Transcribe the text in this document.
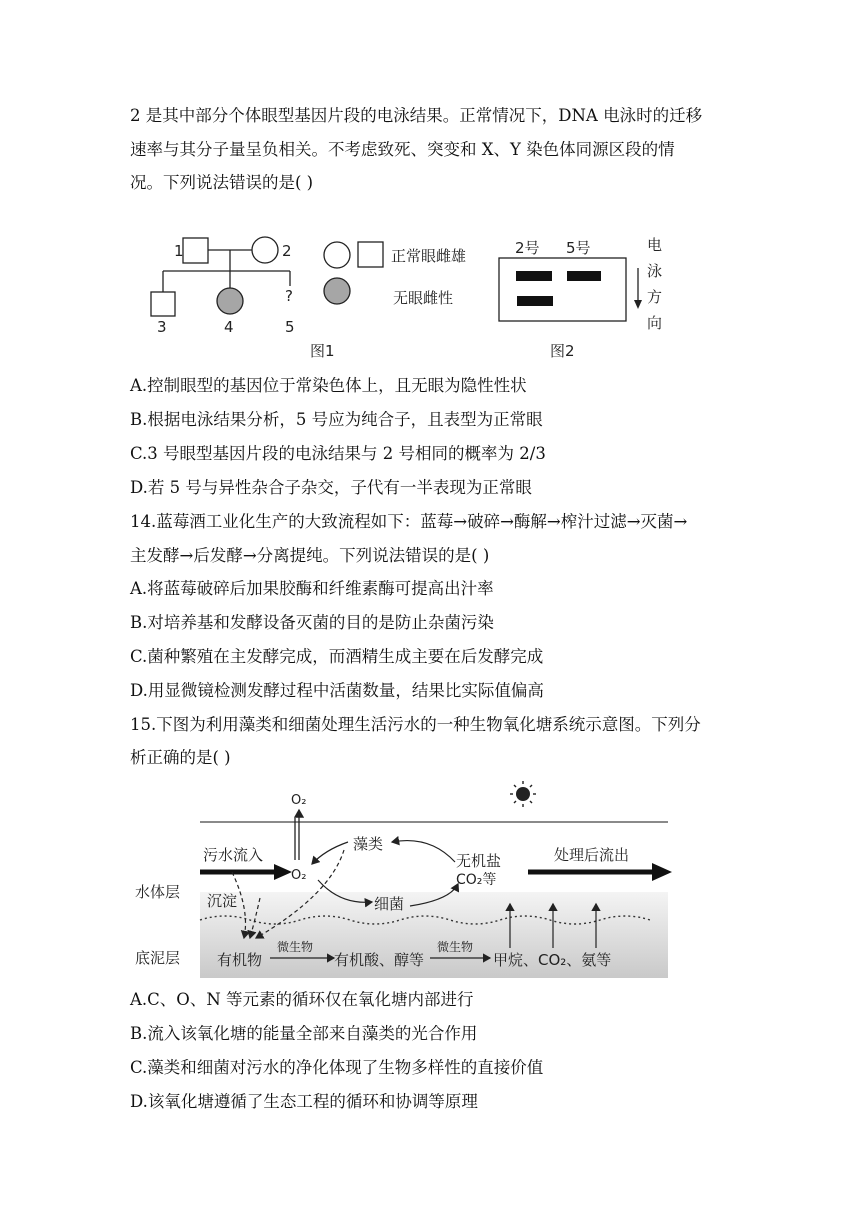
2 是其中部分个体眼型基因片段的电泳结果。正常情况下，DNA 电泳时的迁移
速率与其分子量呈负相关。不考虑致死、突变和 X、Y 染色体同源区段的情
况。下列说法错误的是( )
1	2
3	4
?
5
图1
正常眼雌雄
无眼雌性
2号 5号
图2
电
泳
方
向
A.控制眼型的基因位于常染色体上，且无眼为隐性性状
B.根据电泳结果分析，5 号应为纯合子，且表型为正常眼
C.3 号眼型基因片段的电泳结果与 2 号相同的概率为 2/3
D.若 5 号与异性杂合子杂交，子代有一半表现为正常眼
14.蓝莓酒工业化生产的大致流程如下：蓝莓→破碎→酶解→榨汁过滤→灭菌→
主发酵→后发酵→分离提纯。下列说法错误的是( )
A.将蓝莓破碎后加果胶酶和纤维素酶可提高出汁率
B.对培养基和发酵设备灭菌的目的是防止杂菌污染
C.菌种繁殖在主发酵完成，而酒精生成主要在后发酵完成
D.用显微镜检测发酵过程中活菌数量，结果比实际值偏高
15.下图为利用藻类和细菌处理生活污水的一种生物氧化塘系统示意图。下列分
析正确的是( )
O₂
污水流入
O₂
藻类
无机盐
CO₂等
处理后流出
水体层 沉淀	细菌
底泥层 有机物
微生物
有机酸、醇等
微生物
甲烷、CO₂、氨等
A.C、O、N 等元素的循环仅在氧化塘内部进行
B.流入该氧化塘的能量全部来自藻类的光合作用
C.藻类和细菌对污水的净化体现了生物多样性的直接价值
D.该氧化塘遵循了生态工程的循环和协调等原理
